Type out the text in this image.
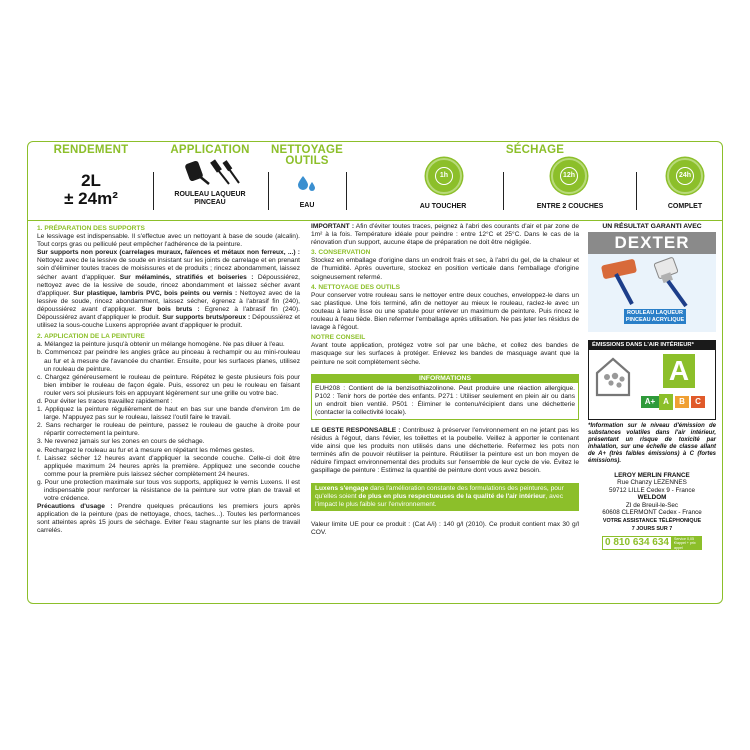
RENDEMENT
2L
± 24m²
APPLICATION
ROULEAU LAQUEUR
PINCEAU
NETTOYAGE
OUTILS
EAU
SÉCHAGE
1h
AU TOUCHER
12h
ENTRE 2 COUCHES
24h
COMPLET
1. PRÉPARATION DES SUPPORTS

Le lessivage est indispensable. Il s'effectue avec un nettoyant à base de soude (alcalin). Tout corps gras ou pelliculé peut empêcher l'adhérence de la peinture.

Sur supports non poreux (carrelages muraux, faïences et métaux non ferreux, ...) : Nettoyez avec de la lessive de soude en insistant sur les joints de carrelage et en prenant soin d'éliminer toutes traces de moisissures et de produits ; rincez abondamment, laissez sécher avant d'appliquer. Sur mélaminés, stratifiés et boiseries : Dépoussiérez, nettoyez avec de la lessive de soude, rincez abondamment et laissez sécher avant d'appliquer. Sur plastique, lambris PVC, bois peints ou vernis : Nettoyez avec de la lessive de soude, rincez abondamment, laissez sécher, égrenez à l'abrasif fin (240), dépoussiérez avant d'appliquer. Sur bois bruts : Egrenez à l'abrasif fin (240). Dépoussiérez avant d'appliquer le produit. Sur supports bruts/poreux : Dépoussiérez et utilisez la sous-couche Luxens appropriée avant d'appliquer le produit.

2. APPLICATION DE LA PEINTURE

a. Mélangez la peinture jusqu'à obtenir un mélange homogène. Ne pas diluer à l'eau.

b. Commencez par peindre les angles grâce au pinceau à rechampir ou au mini-rouleau au fur et à mesure de l'avancée du chantier. Ensuite, pour les surfaces planes, utilisez un rouleau de peinture.

c. Chargez généreusement le rouleau de peinture. Répétez le geste plusieurs fois pour bien imbiber le rouleau de façon égale. Puis, essorez un peu le rouleau en faisant rouler vers soi plusieurs fois en appuyant légèrement sur une grille ou votre bac.

d. Pour éviter les traces travaillez rapidement :

1. Appliquez la peinture régulièrement de haut en bas sur une bande d'environ 1m de large. N'appuyez pas sur le rouleau, laissez l'outil faire le travail.

2. Sans recharger le rouleau de peinture, passez le rouleau de gauche à droite pour répartir correctement la peinture.

3. Ne revenez jamais sur les zones en cours de séchage.

e. Rechargez le rouleau au fur et à mesure en répétant les mêmes gestes.

f. Laissez sécher 12 heures avant d'appliquer la seconde couche. Celle-ci doit être appliquée maximum 24 heures après la première. Appliquez une seconde couche comme pour la première puis laissez sécher complètement 24 heures.

g. Pour une protection maximale sur tous vos supports, appliquez le vernis Luxens. Il est indispensable pour renforcer la résistance de la peinture sur votre plan de travail et votre crédence.

Précautions d'usage : Prendre quelques précautions les premiers jours après application de la peinture (pas de nettoyage, chocs, taches...). Toutes les performances sont atteintes après 15 jours de séchage. Eviter l'eau stagnante sur les plans de travail carrelés.

IMPORTANT : Afin d'éviter toutes traces, peignez à l'abri des courants d'air et par zone de 1m² à la fois. Température idéale pour peindre : entre 12°C et 25°C. Dans le cas de la rénovation d'un support, aucune étape de préparation ne doit être négligée.

3. CONSERVATION

Stockez en emballage d'origine dans un endroit frais et sec, à l'abri du gel, de la chaleur et de l'humidité. Après ouverture, stockez en position verticale dans l'emballage d'origine soigneusement refermé.

4. NETTOYAGE DES OUTILS

Pour conserver votre rouleau sans le nettoyer entre deux couches, enveloppez-le dans un sac plastique. Une fois terminé, afin de nettoyer au mieux le rouleau, raclez-le avec un couteau à lame lisse ou une spatule pour enlever un maximum de peinture. Puis rincez le rouleau à l'eau tiède. Bien refermer l'emballage après utilisation. Ne pas jeter les résidus de lavage à l'égout.

NOTRE CONSEIL

Avant toute application, protégez votre sol par une bâche, et collez des bandes de masquage sur les surfaces à protéger. Enlevez les bandes de masquage avant que la peinture ne soit complètement sèche.

INFORMATIONS

EUH208 : Contient de la benzisothiazolinone. Peut produire une réaction allergique. P102 : Tenir hors de portée des enfants. P271 : Utiliser seulement en plein air ou dans un endroit bien ventilé. P501 : Éliminer le contenu/récipient dans une déchetterie (contacter la collectivité locale).

LE GESTE RESPONSABLE : Contribuez à préserver l'environnement en ne jetant pas les résidus à l'égout, dans l'évier, les toilettes et la poubelle. Veillez à apporter le contenant vide ainsi que les produits non utilisés dans une déchetterie. Refermez les pots non terminés afin de pouvoir réutiliser la peinture. Réutiliser la peinture est un bon moyen de réduire l'impact environnemental des produits sur l'ensemble de leur cycle de vie. Évitez le gaspillage de peinture : Estimez la quantité de peinture dont vous avez besoin.

Luxens s'engage dans l'amélioration constante des formulations des peintures, pour qu'elles soient de plus en plus respectueuses de la qualité de l'air intérieur, avec l'impact le plus faible sur l'environnement.

Valeur limite UE pour ce produit : (Cat A/i) : 140 g/l (2010). Ce produit contient max 30 g/l COV.

UN RÉSULTAT GARANTI AVEC
DEXTER
ROULEAU LAQUEUR
PINCEAU ACRYLIQUE
ÉMISSIONS DANS L'AIR INTÉRIEUR*
A
A+ A	B	C

*Information sur le niveau d'émission de substances volatiles dans l'air intérieur, présentant un risque de toxicité par inhalation, sur une échelle de classe allant de A+ (très faibles émissions) à C (fortes émissions).

LEROY MERLIN FRANCE
Rue Chanzy LEZENNES
59712 LILLE Cedex 9 - France
WELDOM
ZI de Breuil-le-Sec
60608 CLERMONT Cedex - France
VOTRE ASSISTANCE TÉLÉPHONIQUE
7 JOURS SUR 7
0 810 634 634	Service 0,05 €/appel + prix appel
